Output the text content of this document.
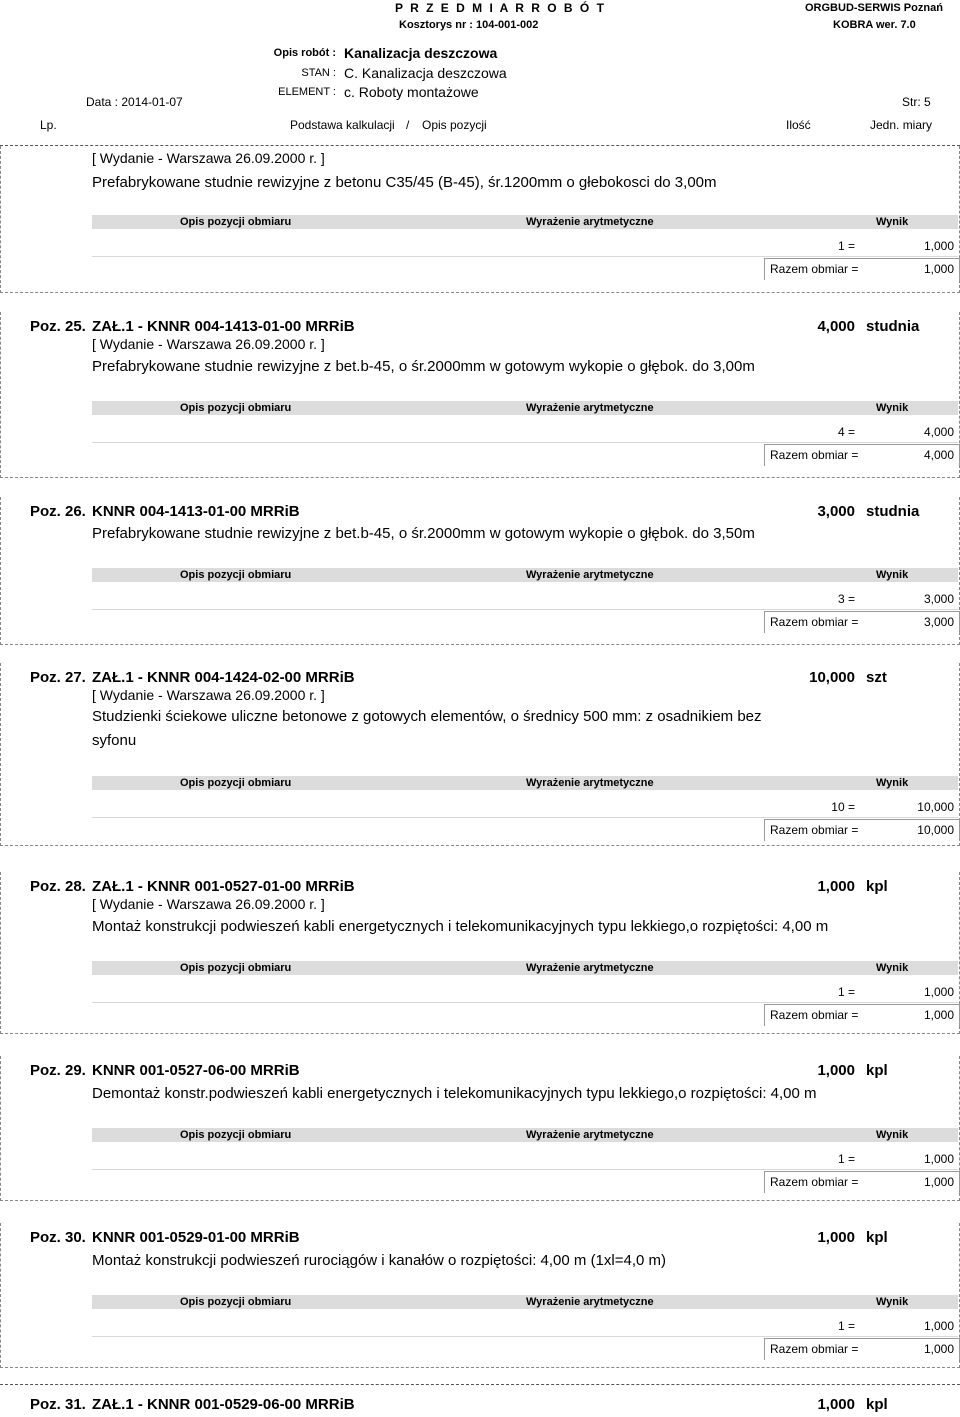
P R Z E D M I A R R O B Ó T
Kosztorys nr : 104-001-002
ORGBUD-SERWIS Poznań
KOBRA wer. 7.0
Opis robót : Kanalizacja deszczowa
STAN : C. Kanalizacja deszczowa
ELEMENT : c. Roboty montażowe
Data : 2014-01-07	Str: 5
Lp.	Podstawa kalkulacji / Opis pozycji	Ilość	Jedn. miary
[ Wydanie - Warszawa 26.09.2000 r. ]
Prefabrykowane studnie rewizyjne z betonu C35/45 (B-45), śr.1200mm o głebokosci do 3,00m
Opis pozycji obmiaru	Wyrażenie arytmetyczne	Wynik
1 =	1,000
Razem obmiar =	1,000
Poz. 25. ZAŁ.1 - KNNR 004-1413-01-00 MRRiB	4,000 studnia
[ Wydanie - Warszawa 26.09.2000 r. ]
Prefabrykowane studnie rewizyjne z bet.b-45, o śr.2000mm w gotowym wykopie o głębok. do 3,00m
Opis pozycji obmiaru	Wyrażenie arytmetyczne	Wynik
4 =	4,000
Razem obmiar =	4,000
Poz. 26. KNNR 004-1413-01-00 MRRiB	3,000 studnia
Prefabrykowane studnie rewizyjne z bet.b-45, o śr.2000mm w gotowym wykopie o głębok. do 3,50m
Opis pozycji obmiaru	Wyrażenie arytmetyczne	Wynik
3 =	3,000
Razem obmiar =	3,000
Poz. 27. ZAŁ.1 - KNNR 004-1424-02-00 MRRiB	10,000 szt
[ Wydanie - Warszawa 26.09.2000 r. ]
Studzienki ściekowe uliczne betonowe z gotowych elementów, o średnicy 500 mm: z osadnikiem bez syfonu
Opis pozycji obmiaru	Wyrażenie arytmetyczne	Wynik
10 =	10,000
Razem obmiar =	10,000
Poz. 28. ZAŁ.1 - KNNR 001-0527-01-00 MRRiB	1,000 kpl
[ Wydanie - Warszawa 26.09.2000 r. ]
Montaż konstrukcji podwieszeń kabli energetycznych i telekomunikacyjnych typu lekkiego,o rozpiętości: 4,00 m
Opis pozycji obmiaru	Wyrażenie arytmetyczne	Wynik
1 =	1,000
Razem obmiar =	1,000
Poz. 29. KNNR 001-0527-06-00 MRRiB	1,000 kpl
Demontaż konstr.podwieszeń kabli energetycznych i telekomunikacyjnych typu lekkiego,o rozpiętości: 4,00 m
Opis pozycji obmiaru	Wyrażenie arytmetyczne	Wynik
1 =	1,000
Razem obmiar =	1,000
Poz. 30. KNNR 001-0529-01-00 MRRiB	1,000 kpl
Montaż konstrukcji podwieszeń rurociągów i kanałów o rozpiętości: 4,00 m (1xl=4,0 m)
Opis pozycji obmiaru	Wyrażenie arytmetyczne	Wynik
1 =	1,000
Razem obmiar =	1,000
Poz. 31. ZAŁ.1 - KNNR 001-0529-06-00 MRRiB	1,000 kpl
